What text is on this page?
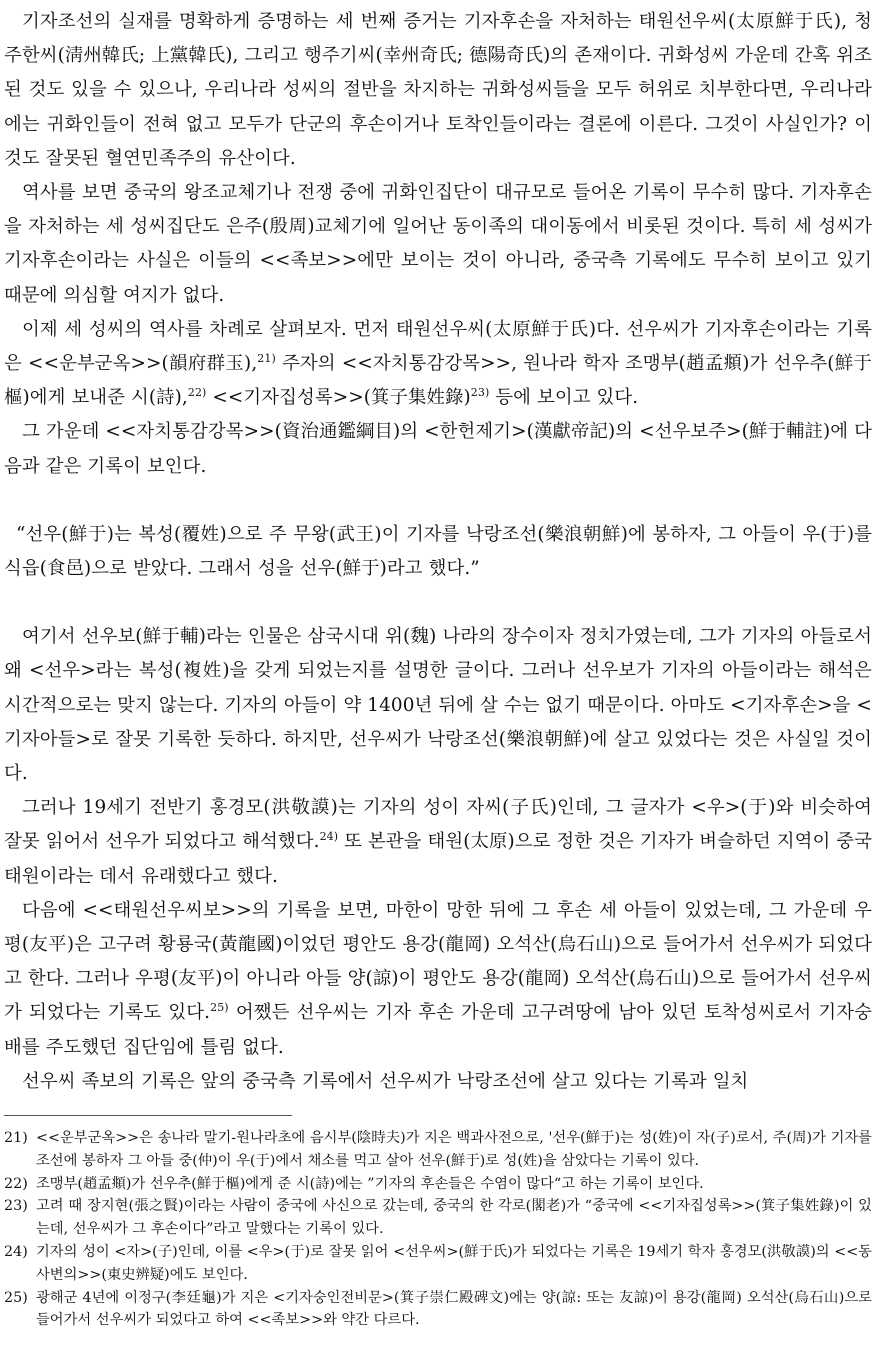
기자조선의 실재를 명확하게 증명하는 세 번째 증거는 기자후손을 자처하는 태원선우씨(太原鮮于氏), 청주한씨(淸州韓氏; 上黨韓氏), 그리고 행주기씨(幸州奇氏; 德陽奇氏)의 존재이다. 귀화성씨 가운데 간혹 위조된 것도 있을 수 있으나, 우리나라 성씨의 절반을 차지하는 귀화성씨들을 모두 허위로 치부한다면, 우리나라에는 귀화인들이 전혀 없고 모두가 단군의 후손이거나 토착인들이라는 결론에 이른다. 그것이 사실인가? 이것도 잘못된 혈연민족주의 유산이다.

역사를 보면 중국의 왕조교체기나 전쟁 중에 귀화인집단이 대규모로 들어온 기록이 무수히 많다. 기자후손을 자처하는 세 성씨집단도 은주(殷周)교체기에 일어난 동이족의 대이동에서 비롯된 것이다. 특히 세 성씨가 기자후손이라는 사실은 이들의 <<족보>>에만 보이는 것이 아니라, 중국측 기록에도 무수히 보이고 있기 때문에 의심할 여지가 없다.

이제 세 성씨의 역사를 차례로 살펴보자. 먼저 태원선우씨(太原鮮于氏)다. 선우씨가 기자후손이라는 기록은 <<운부군옥>>(韻府群玉),$^{21)}$ 주자의 <<자치통감강목>>, 원나라 학자 조맹부(趙孟頫)가 선우추(鮮于樞)에게 보내준 시(詩),$^{22)}$ <<기자집성록>>(箕子集姓錄)$^{23)}$ 등에 보이고 있다.

그 가운데 <<자치통감강목>>(資治通鑑綱目)의 <한헌제기>(漢獻帝記)의 <선우보주>(鮮于輔註)에 다음과 같은 기록이 보인다.

“선우(鮮于)는 복성(覆姓)으로 주 무왕(武王)이 기자를 낙랑조선(樂浪朝鮮)에 봉하자, 그 아들이 우(于)를 식읍(食邑)으로 받았다. 그래서 성을 선우(鮮于)라고 했다.”

여기서 선우보(鮮于輔)라는 인물은 삼국시대 위(魏) 나라의 장수이자 정치가였는데, 그가 기자의 아들로서 왜 <선우>라는 복성(複姓)을 갖게 되었는지를 설명한 글이다. 그러나 선우보가 기자의 아들이라는 해석은 시간적으로는 맞지 않는다. 기자의 아들이 약 1400년 뒤에 살 수는 없기 때문이다. 아마도 <기자후손>을 <기자아들>로 잘못 기록한 듯하다. 하지만, 선우씨가 낙랑조선(樂浪朝鮮)에 살고 있었다는 것은 사실일 것이다.

그러나 19세기 전반기 홍경모(洪敬謨)는 기자의 성이 자씨(子氏)인데, 그 글자가 <우>(于)와 비슷하여 잘못 읽어서 선우가 되었다고 해석했다.$^{24)}$ 또 본관을 태원(太原)으로 정한 것은 기자가 벼슬하던 지역이 중국 태원이라는 데서 유래했다고 했다.

다음에 <<태원선우씨보>>의 기록을 보면, 마한이 망한 뒤에 그 후손 세 아들이 있었는데, 그 가운데 우평(友平)은 고구려 황룡국(黃龍國)이었던 평안도 용강(龍岡) 오석산(烏石山)으로 들어가서 선우씨가 되었다고 한다. 그러나 우평(友平)이 아니라 아들 양(諒)이 평안도 용강(龍岡) 오석산(烏石山)으로 들어가서 선우씨가 되었다는 기록도 있다.$^{25)}$ 어쨌든 선우씨는 기자 후손 가운데 고구려땅에 남아 있던 토착성씨로서 기자숭배를 주도했던 집단임에 틀림 없다.

선우씨 족보의 기록은 앞의 중국측 기록에서 선우씨가 낙랑조선에 살고 있다는 기록과 일치

21) <<운부군옥>>은 송나라 말기-원나라초에 음시부(陰時夫)가 지은 백과사전으로, '선우(鮮于)는 성(姓)이 자(子)로서, 주(周)가 기자를 조선에 봉하자 그 아들 중(仲)이 우(于)에서 채소를 먹고 살아 선우(鮮于)로 성(姓)을 삼았다는 기록이 있다.
22) 조맹부(趙孟頫)가 선우추(鮮于樞)에게 준 시(詩)에는 ”기자의 후손들은 수염이 많다“고 하는 기록이 보인다.
23) 고려 때 장지현(張之賢)이라는 사람이 중국에 사신으로 갔는데, 중국의 한 각로(閣老)가 “중국에 <<기자집성록>>(箕子集姓錄)이 있는데, 선우씨가 그 후손이다”라고 말했다는 기록이 있다.
24) 기자의 성이 <자>(子)인데, 이를 <우>(于)로 잘못 읽어 <선우씨>(鮮于氏)가 되었다는 기록은 19세기 학자 홍경모(洪敬謨)의 <<동사변의>>(東史辨疑)에도 보인다.
25) 광해군 4년에 이정구(李廷龜)가 지은 <기자숭인전비문>(箕子崇仁殿碑文)에는 양(諒: 또는 友諒)이 용강(龍岡) 오석산(烏石山)으로 들어가서 선우씨가 되었다고 하여 <<족보>>와 약간 다르다.
